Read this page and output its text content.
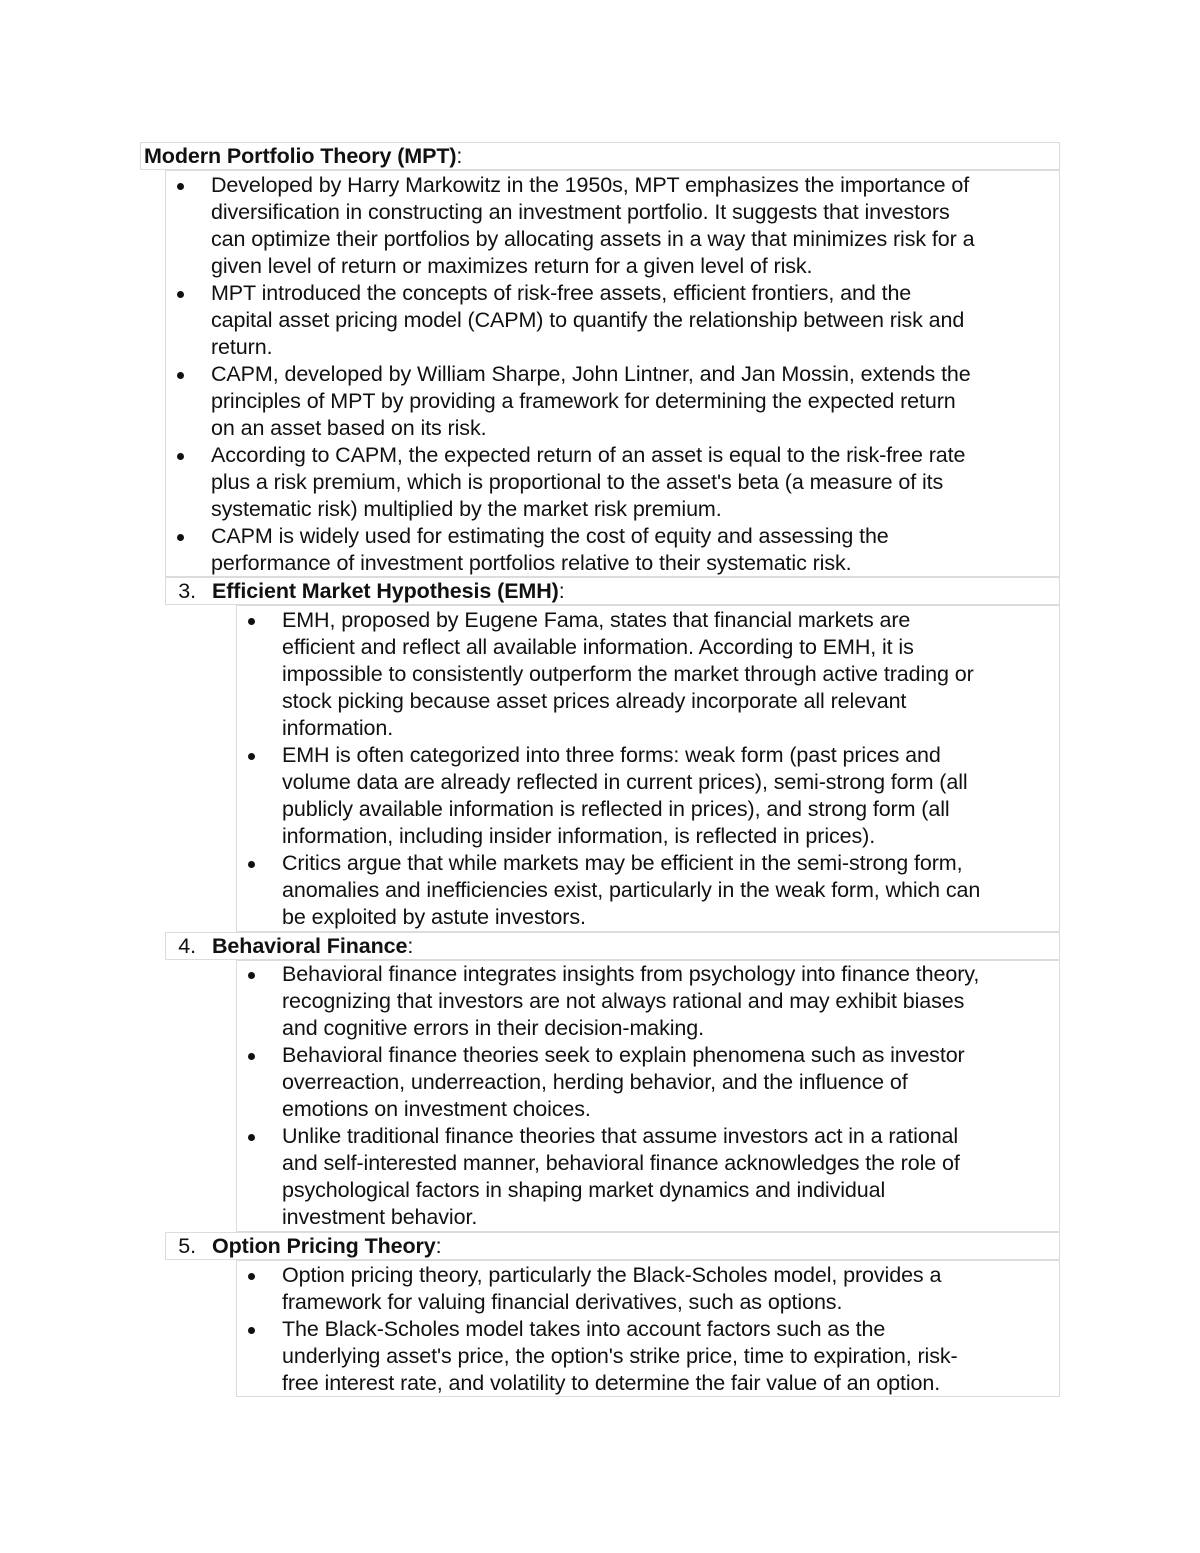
Modern Portfolio Theory (MPT):
Developed by Harry Markowitz in the 1950s, MPT emphasizes the importance of
diversification in constructing an investment portfolio. It suggests that investors
can optimize their portfolios by allocating assets in a way that minimizes risk for a
given level of return or maximizes return for a given level of risk.
MPT introduced the concepts of risk-free assets, efficient frontiers, and the
capital asset pricing model (CAPM) to quantify the relationship between risk and
return.
CAPM, developed by William Sharpe, John Lintner, and Jan Mossin, extends the
principles of MPT by providing a framework for determining the expected return
on an asset based on its risk.
According to CAPM, the expected return of an asset is equal to the risk-free rate
plus a risk premium, which is proportional to the asset's beta (a measure of its
systematic risk) multiplied by the market risk premium.
CAPM is widely used for estimating the cost of equity and assessing the
performance of investment portfolios relative to their systematic risk.
3. Efficient Market Hypothesis (EMH):
EMH, proposed by Eugene Fama, states that financial markets are
efficient and reflect all available information. According to EMH, it is
impossible to consistently outperform the market through active trading or
stock picking because asset prices already incorporate all relevant
information.
EMH is often categorized into three forms: weak form (past prices and
volume data are already reflected in current prices), semi-strong form (all
publicly available information is reflected in prices), and strong form (all
information, including insider information, is reflected in prices).
Critics argue that while markets may be efficient in the semi-strong form,
anomalies and inefficiencies exist, particularly in the weak form, which can
be exploited by astute investors.
4. Behavioral Finance:
Behavioral finance integrates insights from psychology into finance theory,
recognizing that investors are not always rational and may exhibit biases
and cognitive errors in their decision-making.
Behavioral finance theories seek to explain phenomena such as investor
overreaction, underreaction, herding behavior, and the influence of
emotions on investment choices.
Unlike traditional finance theories that assume investors act in a rational
and self-interested manner, behavioral finance acknowledges the role of
psychological factors in shaping market dynamics and individual
investment behavior.
5. Option Pricing Theory:
Option pricing theory, particularly the Black-Scholes model, provides a
framework for valuing financial derivatives, such as options.
The Black-Scholes model takes into account factors such as the
underlying asset's price, the option's strike price, time to expiration, risk-
free interest rate, and volatility to determine the fair value of an option.
